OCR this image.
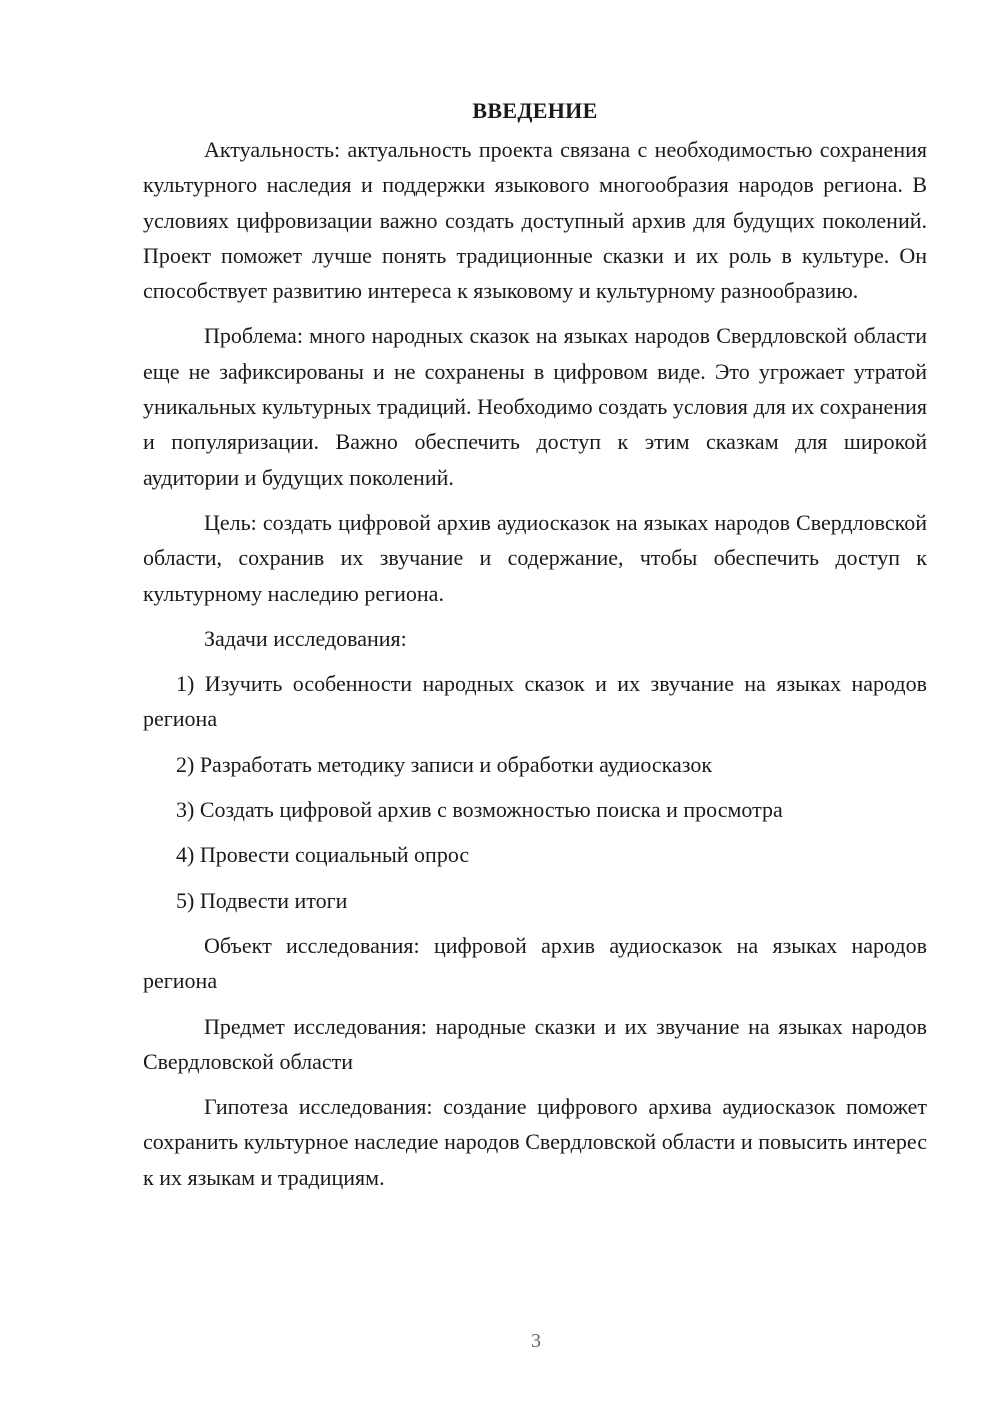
ВВЕДЕНИЕ

Актуальность: актуальность проекта связана с необходимостью сохранения культурного наследия и поддержки языкового многообразия народов региона. В условиях цифровизации важно создать доступный архив для будущих поколений. Проект поможет лучше понять традиционные сказки и их роль в культуре. Он способствует развитию интереса к языковому и культурному разнообразию.

Проблема: много народных сказок на языках народов Свердловской области еще не зафиксированы и не сохранены в цифровом виде. Это угрожает утратой уникальных культурных традиций. Необходимо создать условия для их сохранения и популяризации. Важно обеспечить доступ к этим сказкам для широкой аудитории и будущих поколений.

Цель: создать цифровой архив аудиосказок на языках народов Свердловской области, сохранив их звучание и содержание, чтобы обеспечить доступ к культурному наследию региона.

Задачи исследования:

1) Изучить особенности народных сказок и их звучание на языках народов региона

2) Разработать методику записи и обработки аудиосказок

3) Создать цифровой архив с возможностью поиска и просмотра

4) Провести социальный опрос

5) Подвести итоги

Объект исследования: цифровой архив аудиосказок на языках народов региона

Предмет исследования: народные сказки и их звучание на языках народов Свердловской области

Гипотеза исследования: создание цифрового архива аудиосказок поможет сохранить культурное наследие народов Свердловской области и повысить интерес к их языкам и традициям.

3
